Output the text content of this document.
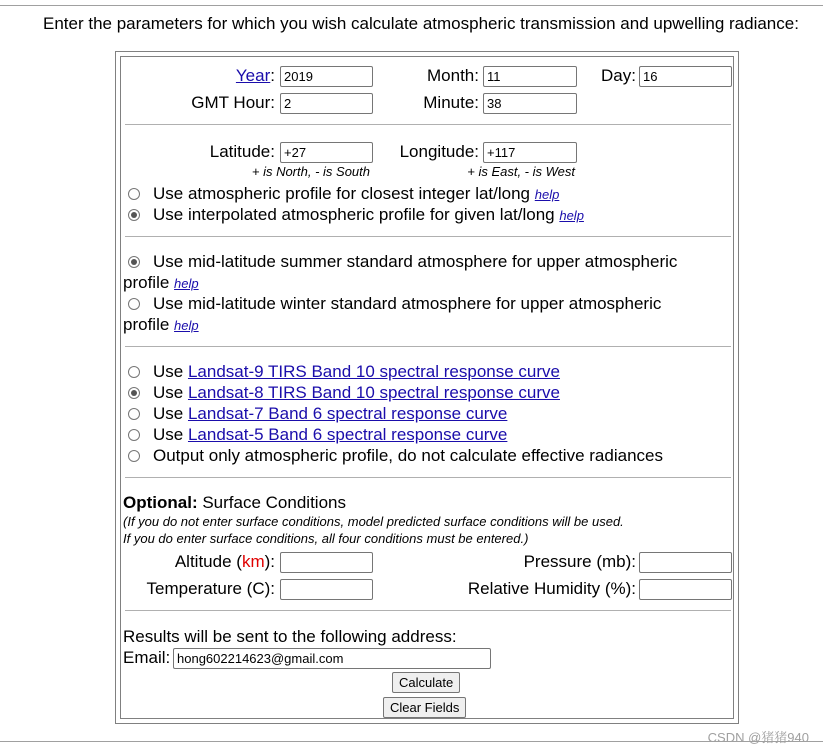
Enter the parameters for which you wish calculate atmospheric transmission and upwelling radiance:
Year:
2019	Month:
11	Day:
16
GMT Hour:
2	Minute:
38
Latitude:
+27	Longitude:
+117
+ is North, - is South	+ is East, - is West
Use atmospheric profile for closest integer lat/long help
Use interpolated atmospheric profile for given lat/long help
Use mid-latitude summer standard atmosphere for upper atmospheric
profile help
Use mid-latitude winter standard atmosphere for upper atmospheric
profile help
Use Landsat-9 TIRS Band 10 spectral response curve
Use Landsat-8 TIRS Band 10 spectral response curve
Use Landsat-7 Band 6 spectral response curve
Use Landsat-5 Band 6 spectral response curve
Output only atmospheric profile, do not calculate effective radiances
Optional: Surface Conditions
(If you do not enter surface conditions, model predicted surface conditions will be used.
If you do enter surface conditions, all four conditions must be entered.)
Altitude (km):	Pressure (mb):
Temperature (C):	Relative Humidity (%):
Results will be sent to the following address:
Email:
hong602214623@gmail.com
Calculate
Clear Fields
CSDN @猪猪940
